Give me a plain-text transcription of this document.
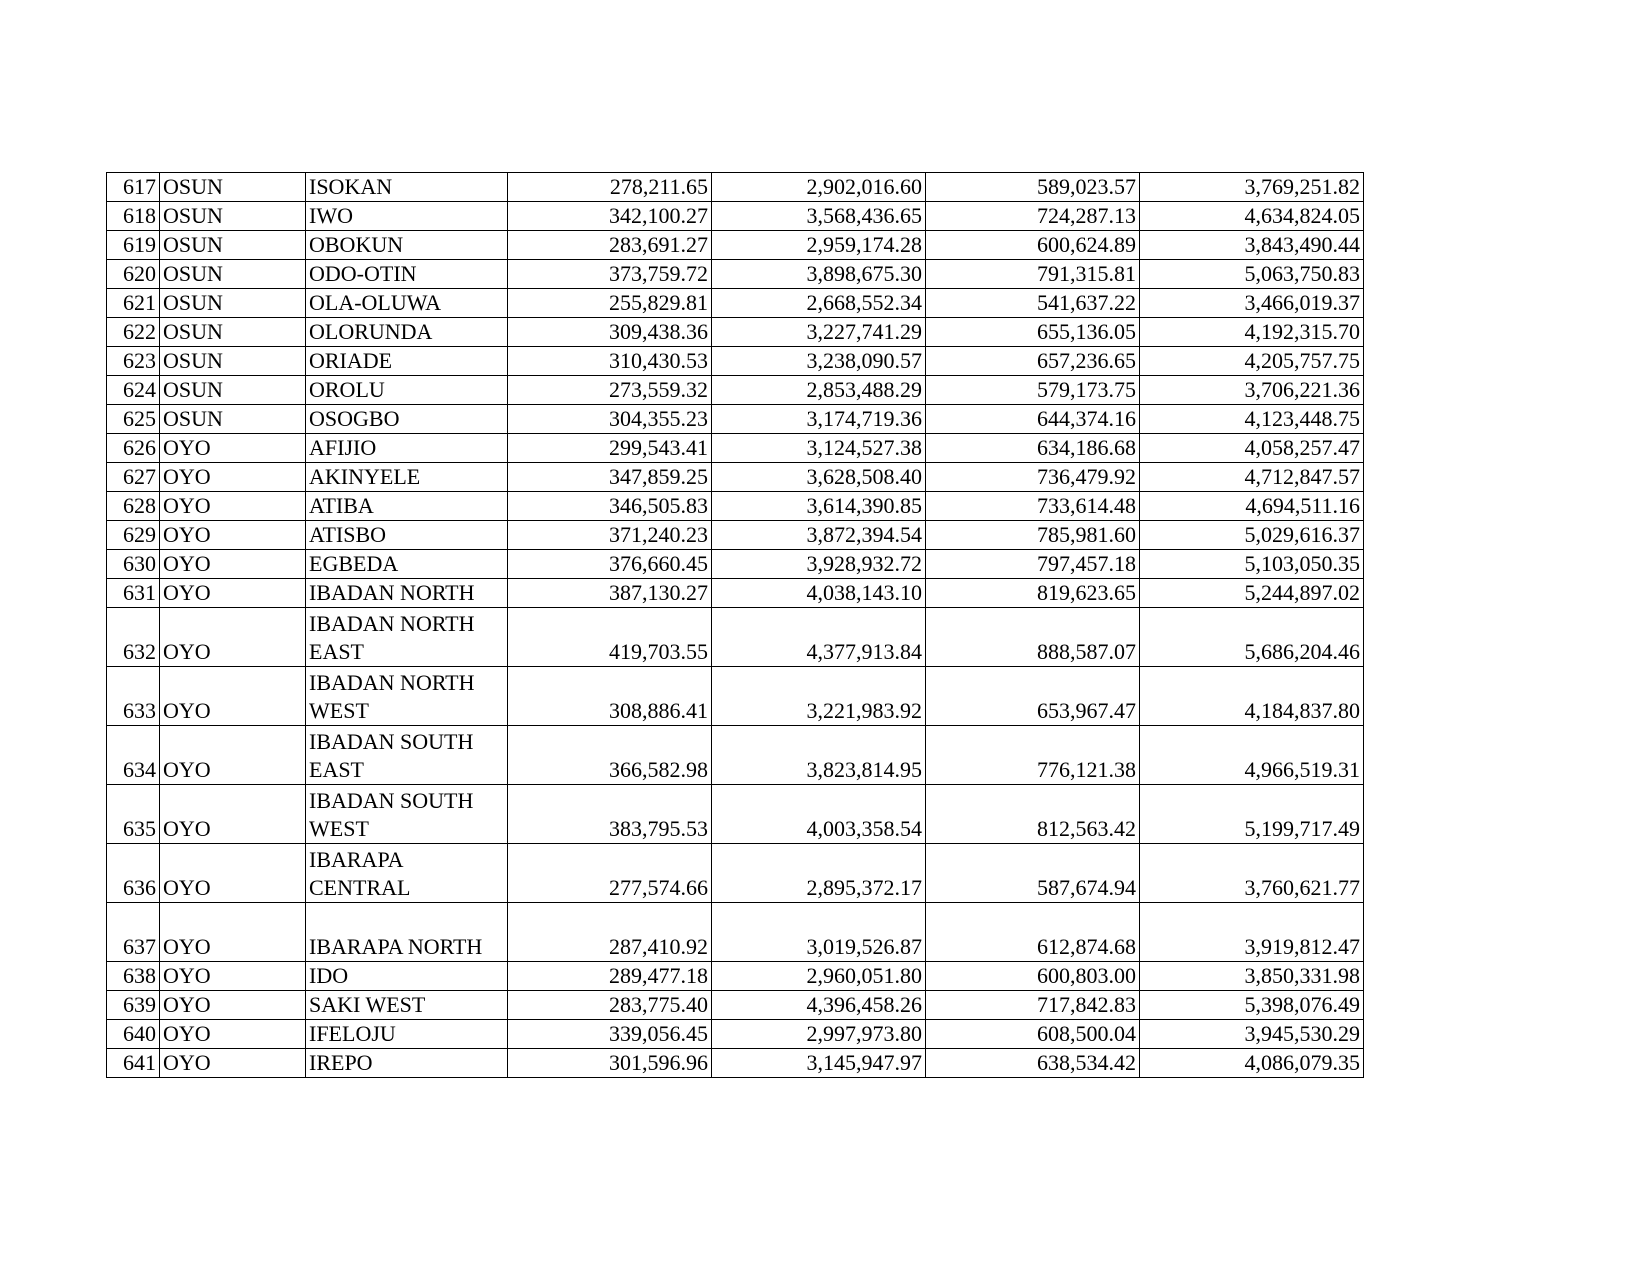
617	OSUN	ISOKAN	278,211.65	2,902,016.60	589,023.57	3,769,251.82
618	OSUN	IWO	342,100.27	3,568,436.65	724,287.13	4,634,824.05
619	OSUN	OBOKUN	283,691.27	2,959,174.28	600,624.89	3,843,490.44
620	OSUN	ODO-OTIN	373,759.72	3,898,675.30	791,315.81	5,063,750.83
621	OSUN	OLA-OLUWA	255,829.81	2,668,552.34	541,637.22	3,466,019.37
622	OSUN	OLORUNDA	309,438.36	3,227,741.29	655,136.05	4,192,315.70
623	OSUN	ORIADE	310,430.53	3,238,090.57	657,236.65	4,205,757.75
624	OSUN	OROLU	273,559.32	2,853,488.29	579,173.75	3,706,221.36
625	OSUN	OSOGBO	304,355.23	3,174,719.36	644,374.16	4,123,448.75
626	OYO	AFIJIO	299,543.41	3,124,527.38	634,186.68	4,058,257.47
627	OYO	AKINYELE	347,859.25	3,628,508.40	736,479.92	4,712,847.57
628	OYO	ATIBA	346,505.83	3,614,390.85	733,614.48	4,694,511.16
629	OYO	ATISBO	371,240.23	3,872,394.54	785,981.60	5,029,616.37
630	OYO	EGBEDA	376,660.45	3,928,932.72	797,457.18	5,103,050.35
631	OYO	IBADAN NORTH	387,130.27	4,038,143.10	819,623.65	5,244,897.02
632	OYO	IBADAN NORTH EAST	419,703.55	4,377,913.84	888,587.07	5,686,204.46
633	OYO	IBADAN NORTH WEST	308,886.41	3,221,983.92	653,967.47	4,184,837.80
634	OYO	IBADAN SOUTH EAST	366,582.98	3,823,814.95	776,121.38	4,966,519.31
635	OYO	IBADAN SOUTH WEST	383,795.53	4,003,358.54	812,563.42	5,199,717.49
636	OYO	IBARAPA CENTRAL	277,574.66	2,895,372.17	587,674.94	3,760,621.77
637	OYO	IBARAPA NORTH	287,410.92	3,019,526.87	612,874.68	3,919,812.47
638	OYO	IDO	289,477.18	2,960,051.80	600,803.00	3,850,331.98
639	OYO	SAKI WEST	283,775.40	4,396,458.26	717,842.83	5,398,076.49
640	OYO	IFELOJU	339,056.45	2,997,973.80	608,500.04	3,945,530.29
641	OYO	IREPO	301,596.96	3,145,947.97	638,534.42	4,086,079.35
